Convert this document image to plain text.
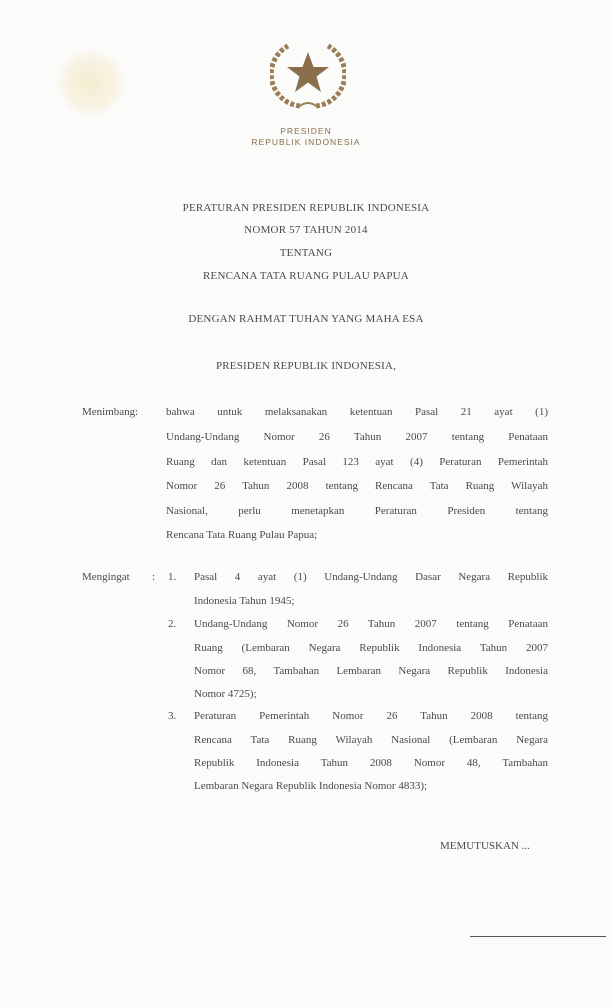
PRESIDEN
REPUBLIK INDONESIA
PERATURAN PRESIDEN REPUBLIK INDONESIA
NOMOR 57 TAHUN 2014
TENTANG
RENCANA TATA RUANG PULAU PAPUA
DENGAN RAHMAT TUHAN YANG MAHA ESA
PRESIDEN REPUBLIK INDONESIA,
Menimbang:	bahwa untuk melaksanakan ketentuan Pasal 21 ayat (1)
Undang-Undang Nomor 26 Tahun 2007 tentang Penataan
Ruang dan ketentuan Pasal 123 ayat (4) Peraturan Pemerintah
Nomor 26 Tahun 2008 tentang Rencana Tata Ruang Wilayah
Nasional, perlu menetapkan Peraturan Presiden tentang
Rencana Tata Ruang Pulau Papua;
Mengingat : 1. Pasal 4 ayat (1) Undang-Undang Dasar Negara Republik
Indonesia Tahun 1945;
2. Undang-Undang Nomor 26 Tahun 2007 tentang Penataan
Ruang (Lembaran Negara Republik Indonesia Tahun 2007
Nomor 68, Tambahan Lembaran Negara Republik Indonesia
Nomor 4725);
3. Peraturan Pemerintah Nomor 26 Tahun 2008 tentang
Rencana Tata Ruang Wilayah Nasional (Lembaran Negara
Republik Indonesia Tahun 2008 Nomor 48, Tambahan
Lembaran Negara Republik Indonesia Nomor 4833);
MEMUTUSKAN ...
